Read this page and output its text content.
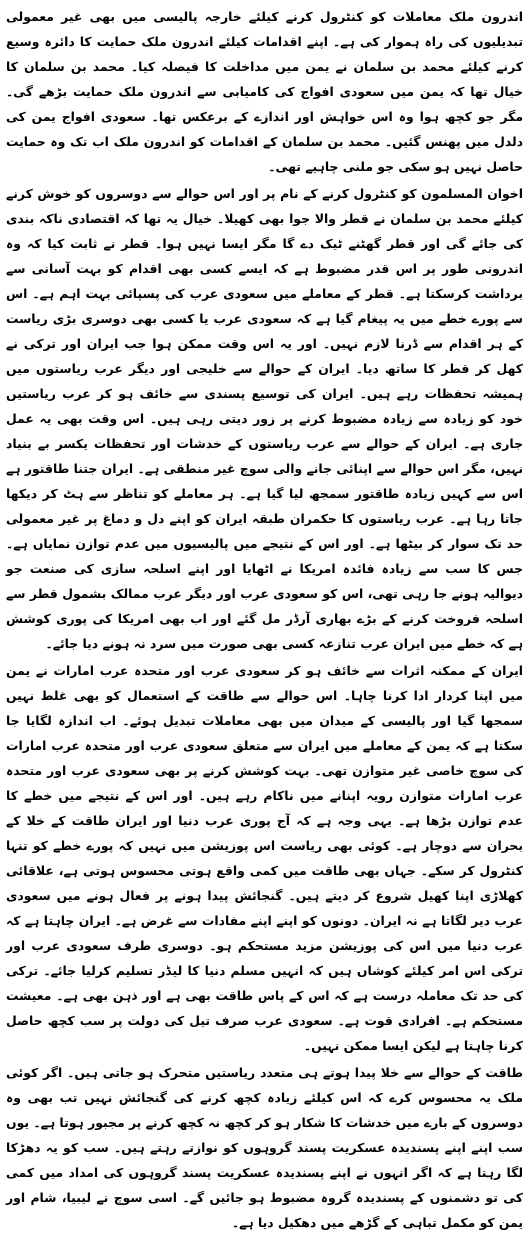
اندرون ملک معاملات کو کنٹرول کرنے کیلئے خارجہ پالیسی میں بھی غیر معمولی تبدیلیوں کی راہ ہموار کی ہے۔ اپنے اقدامات کیلئے اندرون ملک حمایت کا دائرہ وسیع کرنے کیلئے محمد بن سلمان نے یمن میں مداخلت کا فیصلہ کیا۔ محمد بن سلمان کا خیال تھا کہ یمن میں سعودی افواج کی کامیابی سے اندرون ملک حمایت بڑھے گی۔ مگر جو کچھ ہوا وہ اس خواہش اور اندازے کے برعکس تھا۔ سعودی افواج یمن کی دلدل میں پھنس گئیں۔ محمد بن سلمان کے اقدامات کو اندرون ملک اب تک وہ حمایت حاصل نہیں ہو سکی جو ملنی چاہیے تھی۔

اخوان المسلمون کو کنٹرول کرنے کے نام پر اور اس حوالے سے دوسروں کو خوش کرنے کیلئے محمد بن سلمان نے قطر والا جوا بھی کھیلا۔ خیال یہ تھا کہ اقتصادی ناکہ بندی کی جائے گی اور قطر گھٹنے ٹیک دے گا مگر ایسا نہیں ہوا۔ قطر نے ثابت کیا کہ وہ اندرونی طور پر اس قدر مضبوط ہے کہ ایسے کسی بھی اقدام کو بہت آسانی سے برداشت کرسکتا ہے۔ قطر کے معاملے میں سعودی عرب کی پسپائی بہت اہم ہے۔ اس سے پورے خطے میں یہ پیغام گیا ہے کہ سعودی عرب یا کسی بھی دوسری بڑی ریاست کے ہر اقدام سے ڈرنا لازم نہیں۔ اور یہ اس وقت ممکن ہوا جب ایران اور ترکی نے کھل کر قطر کا ساتھ دیا۔ ایران کے حوالے سے خلیجی اور دیگر عرب ریاستوں میں ہمیشہ تحفظات رہے ہیں۔ ایران کی توسیع پسندی سے خائف ہو کر عرب ریاستیں خود کو زیادہ سے زیادہ مضبوط کرنے پر زور دیتی رہی ہیں۔ اس وقت بھی یہ عمل جاری ہے۔ ایران کے حوالے سے عرب ریاستوں کے خدشات اور تحفظات یکسر بے بنیاد نہیں، مگر اس حوالے سے اپنائی جانے والی سوچ غیر منطقی ہے۔ ایران جتنا طاقتور ہے اس سے کہیں زیادہ طاقتور سمجھ لیا گیا ہے۔ ہر معاملے کو تناظر سے ہٹ کر دیکھا جاتا رہا ہے۔ عرب ریاستوں کا حکمران طبقہ ایران کو اپنے دل و دماغ پر غیر معمولی حد تک سوار کر بیٹھا ہے۔ اور اس کے نتیجے میں پالیسیوں میں عدم توازن نمایاں ہے۔ جس کا سب سے زیادہ فائدہ امریکا نے اٹھایا اور اپنے اسلحہ سازی کی صنعت جو دیوالیہ ہونے جا رہی تھی، اس کو سعودی عرب اور دیگر عرب ممالک بشمول قطر سے اسلحہ فروخت کرنے کے بڑے بھاری آرڈر مل گئے اور اب بھی امریکا کی پوری کوشش ہے کہ خطے میں ایران عرب تنازعہ کسی بھی صورت میں سرد نہ ہونے دیا جائے۔

ایران کے ممکنہ اثرات سے خائف ہو کر سعودی عرب اور متحدہ عرب امارات نے یمن میں اپنا کردار ادا کرنا چاہا۔ اس حوالے سے طاقت کے استعمال کو بھی غلط نہیں سمجھا گیا اور پالیسی کے میدان میں بھی معاملات تبدیل ہوئے۔ اب اندازہ لگایا جا سکتا ہے کہ یمن کے معاملے میں ایران سے متعلق سعودی عرب اور متحدہ عرب امارات کی سوچ خاصی غیر متوازن تھی۔ بہت کوشش کرنے پر بھی سعودی عرب اور متحدہ عرب امارات متوازن رویہ اپنانے میں ناکام رہے ہیں۔ اور اس کے نتیجے میں خطے کا عدم توازن بڑھا ہے۔ یہی وجہ ہے کہ آج پوری عرب دنیا اور ایران طاقت کے خلا کے بحران سے دوچار ہے۔ کوئی بھی ریاست اس پوزیشن میں نہیں کہ پورے خطے کو تنہا کنٹرول کر سکے۔ جہاں بھی طاقت میں کمی واقع ہوتی محسوس ہوتی ہے، علاقائی کھلاڑی اپنا کھیل شروع کر دیتے ہیں۔ گنجائش پیدا ہونے پر فعال ہونے میں سعودی عرب دیر لگاتا ہے نہ ایران۔ دونوں کو اپنے اپنے مفادات سے غرض ہے۔ ایران چاہتا ہے کہ عرب دنیا میں اس کی پوزیشن مزید مستحکم ہو۔ دوسری طرف سعودی عرب اور ترکی اس امر کیلئے کوشاں ہیں کہ انہیں مسلم دنیا کا لیڈر تسلیم کرلیا جائے۔ ترکی کی حد تک معاملہ درست ہے کہ اس کے پاس طاقت بھی ہے اور ذہن بھی ہے۔ معیشت مستحکم ہے۔ افرادی قوت ہے۔ سعودی عرب صرف تیل کی دولت پر سب کچھ حاصل کرنا چاہتا ہے لیکن ایسا ممکن نہیں۔

طاقت کے حوالے سے خلا پیدا ہوتے ہی متعدد ریاستیں متحرک ہو جاتی ہیں۔ اگر کوئی ملک یہ محسوس کرے کہ اس کیلئے زیادہ کچھ کرنے کی گنجائش نہیں تب بھی وہ دوسروں کے بارے میں خدشات کا شکار ہو کر کچھ نہ کچھ کرنے پر مجبور ہوتا ہے۔ یوں سب اپنے اپنے پسندیدہ عسکریت پسند گروہوں کو نوازتے رہتے ہیں۔ سب کو یہ دھڑکا لگا رہتا ہے کہ اگر انہوں نے اپنے پسندیدہ عسکریت پسند گروہوں کی امداد میں کمی کی تو دشمنوں کے پسندیدہ گروہ مضبوط ہو جائیں گے۔ اسی سوچ نے لیبیا، شام اور یمن کو مکمل تباہی کے گڑھے میں دھکیل دیا ہے۔
